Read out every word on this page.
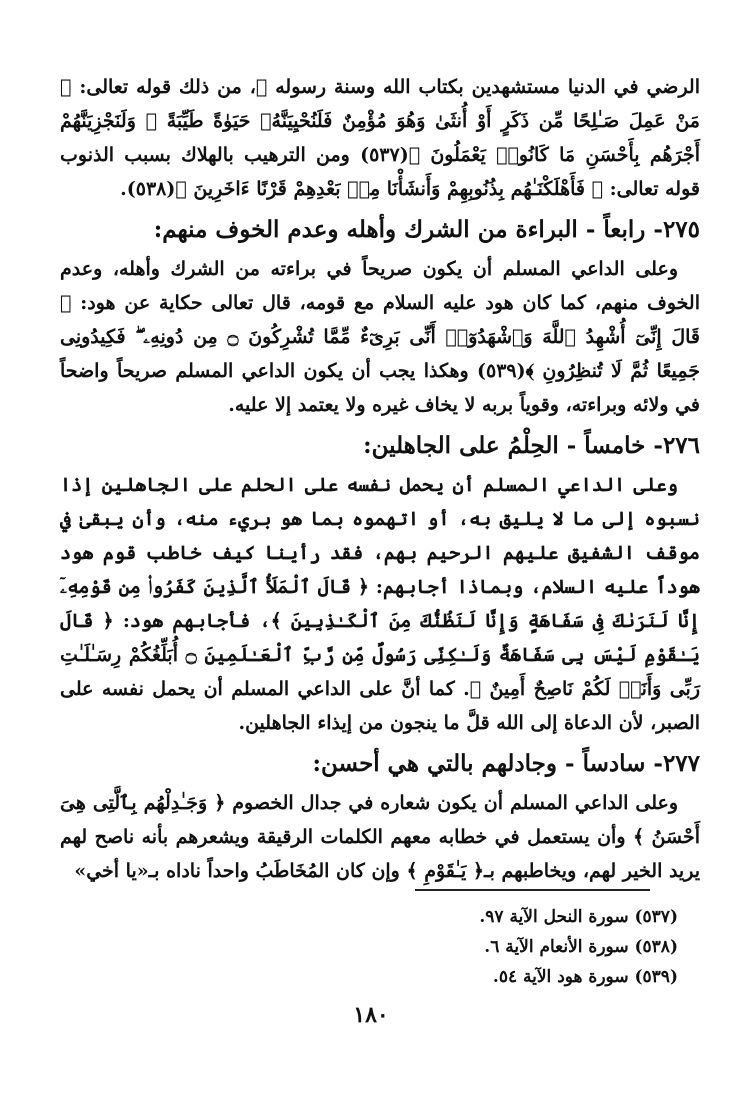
الرضي في الدنيا مستشهدين بكتاب الله وسنة رسوله ﷺ، من ذلك قوله تعالى: ﴿ مَنْ عَمِلَ صَـٰلِحًا مِّن ذَكَرٍ أَوْ أُنثَىٰ وَهُوَ مُؤْمِنٌ فَلَنُحْيِيَنَّهُۥ حَيَوٰةً طَيِّبَةً ۖ وَلَنَجْزِيَنَّهُمْ أَجْرَهُم بِأَحْسَنِ مَا كَانُوا۟ يَعْمَلُونَ ﴾(٥٣٧) ومن الترهيب بالهلاك بسبب الذنوب قوله تعالى: ﴿ فَأَهْلَكْنَـٰهُم بِذُنُوبِهِمْ وَأَنشَأْنَا مِنۢ بَعْدِهِمْ قَرْنًا ءَاخَرِينَ ﴾(٥٣٨).

٢٧٥- رابعاً - البراءة من الشرك وأهله وعدم الخوف منهم:

وعلى الداعي المسلم أن يكون صريحاً في براءته من الشرك وأهله، وعدم الخوف منهم، كما كان هود عليه السلام مع قومه، قال تعالى حكاية عن هود: ﴿ قَالَ إِنِّىٓ أُشْهِدُ ٱللَّهَ وَٱشْهَدُوٓا۟ أَنِّى بَرِىٓءٌ مِّمَّا تُشْرِكُونَ ۝ مِن دُونِهِۦ ۖ فَكِيدُونِى جَمِيعًا ثُمَّ لَا تُنظِرُونِ ﴾(٥٣٩) وهكذا يجب أن يكون الداعي المسلم صريحاً واضحاً في ولائه وبراءته، وقوياً بربه لا يخاف غيره ولا يعتمد إلا عليه.

٢٧٦- خامساً - الحِلْمُ على الجاهلين:

وعلى الداعي المسلم أن يحمل نفسه على الحلم على الجاهلين إذا نسبوه إلى ما لا يليق به، أو اتهموه بما هو بريء منه، وأن يبقىٰ في موقف الشفيق عليهم الرحيم بهم، فقد رأينا كيف خاطب قوم هود هوداً عليه السلام، وبماذا أجابهم: ﴿ قَالَ ٱلْمَلَأُ ٱلَّذِينَ كَفَرُوا۟ مِن قَوْمِهِۦٓ إِنَّا لَنَرَىٰكَ فِى سَفَاهَةٍ وَإِنَّا لَنَظُنُّكَ مِنَ ٱلْكَـٰذِبِينَ ﴾، فأجابهم هود: ﴿ قَالَ يَـٰقَوْمِ لَيْسَ بِى سَفَاهَةٌ وَلَـٰكِنِّى رَسُولٌ مِّن رَّبِّ ٱلْعَـٰلَمِينَ ۝ أُبَلِّغُكُمْ رِسَـٰلَـٰتِ رَبِّى وَأَنَا۠ لَكُمْ نَاصِحٌ أَمِينٌ ﴾. كما أنَّ على الداعي المسلم أن يحمل نفسه على الصبر، لأن الدعاة إلى الله قلَّ ما ينجون من إيذاء الجاهلين.

٢٧٧- سادساً - وجادلهم بالتي هي أحسن:

وعلى الداعي المسلم أن يكون شعاره في جدال الخصوم ﴿ وَجَـٰدِلْهُم بِٱلَّتِى هِىَ أَحْسَنُ ﴾ وأن يستعمل في خطابه معهم الكلمات الرقيقة ويشعرهم بأنه ناصح لهم يريد الخير لهم، ويخاطبهم بـ﴿ يَـٰقَوْمِ ﴾ وإن كان المُخَاطَبُ واحداً ناداه بـ«يا أخي»

(٥٣٧) سورة النحل الآية ٩٧.

(٥٣٨) سورة الأنعام الآية ٦.

(٥٣٩) سورة هود الآية ٥٤.

١٨٠
